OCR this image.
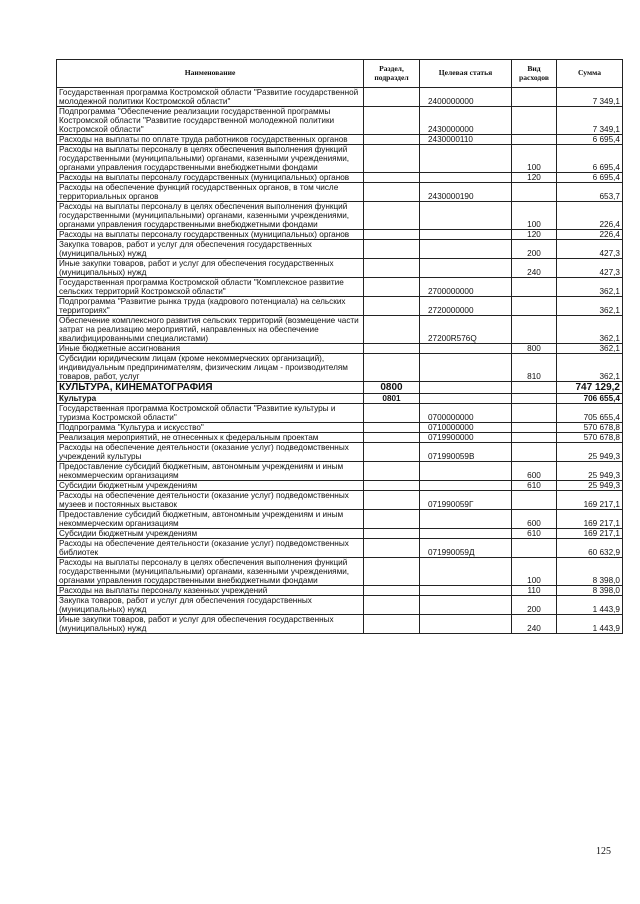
Наименование	Раздел, подраздел	Целевая статья	Вид расходов	Сумма
Государственная программа Костромской области "Развитие государственной молодежной политики Костромской области"		2400000000		7 349,1
Подпрограмма "Обеспечение реализации государственной программы Костромской области "Развитие государственной молодежной политики Костромской области"		2430000000		7 349,1
Расходы на выплаты по оплате труда работников государственных органов		2430000110		6 695,4
Расходы на выплаты персоналу в целях обеспечения выполнения функций государственными (муниципальными) органами, казенными учреждениями, органами управления государственными внебюджетными фондами			100	6 695,4
Расходы на выплаты персоналу государственных (муниципальных) органов			120	6 695,4
Расходы на обеспечение функций государственных органов, в том числе территориальных органов		2430000190		653,7
Расходы на выплаты персоналу в целях обеспечения выполнения функций государственными (муниципальными) органами, казенными учреждениями, органами управления государственными внебюджетными фондами			100	226,4
Расходы на выплаты персоналу государственных (муниципальных) органов			120	226,4
Закупка товаров, работ и услуг для обеспечения государственных (муниципальных) нужд			200	427,3
Иные закупки товаров, работ и услуг для обеспечения государственных (муниципальных) нужд			240	427,3
Государственная программа Костромской области "Комплексное развитие сельских территорий Костромской области"		2700000000		362,1
Подпрограмма "Развитие рынка труда (кадрового потенциала) на сельских территориях"		2720000000		362,1
Обеспечение комплексного развития сельских территорий (возмещение части затрат на реализацию мероприятий, направленных на обеспечение квалифицированными специалистами)		27200R576Q		362,1
Иные бюджетные ассигнования			800	362,1
Субсидии юридическим лицам (кроме некоммерческих организаций), индивидуальным предпринимателям, физическим лицам - производителям товаров, работ, услуг			810	362,1
КУЛЬТУРА, КИНЕМАТОГРАФИЯ	0800			747 129,2
Культура	0801			706 655,4
Государственная программа Костромской области "Развитие культуры и туризма Костромской области"		0700000000		705 655,4
Подпрограмма "Культура и искусство"		0710000000		570 678,8
Реализация мероприятий, не отнесенных к федеральным проектам		0719900000		570 678,8
Расходы на обеспечение деятельности (оказание услуг) подведомственных учреждений культуры		071990059В		25 949,3
Предоставление субсидий бюджетным, автономным учреждениям и иным некоммерческим организациям			600	25 949,3
Субсидии бюджетным учреждениям			610	25 949,3
Расходы на обеспечение деятельности (оказание услуг) подведомственных музеев и постоянных выставок		071990059Г		169 217,1
Предоставление субсидий бюджетным, автономным учреждениям и иным некоммерческим организациям			600	169 217,1
Субсидии бюджетным учреждениям			610	169 217,1
Расходы на обеспечение деятельности (оказание услуг) подведомственных библиотек		071990059Д		60 632,9
Расходы на выплаты персоналу в целях обеспечения выполнения функций государственными (муниципальными) органами, казенными учреждениями, органами управления государственными внебюджетными фондами			100	8 398,0
Расходы на выплаты персоналу казенных учреждений			110	8 398,0
Закупка товаров, работ и услуг для обеспечения государственных (муниципальных) нужд			200	1 443,9
Иные закупки товаров, работ и услуг для обеспечения государственных (муниципальных) нужд			240	1 443,9
125
